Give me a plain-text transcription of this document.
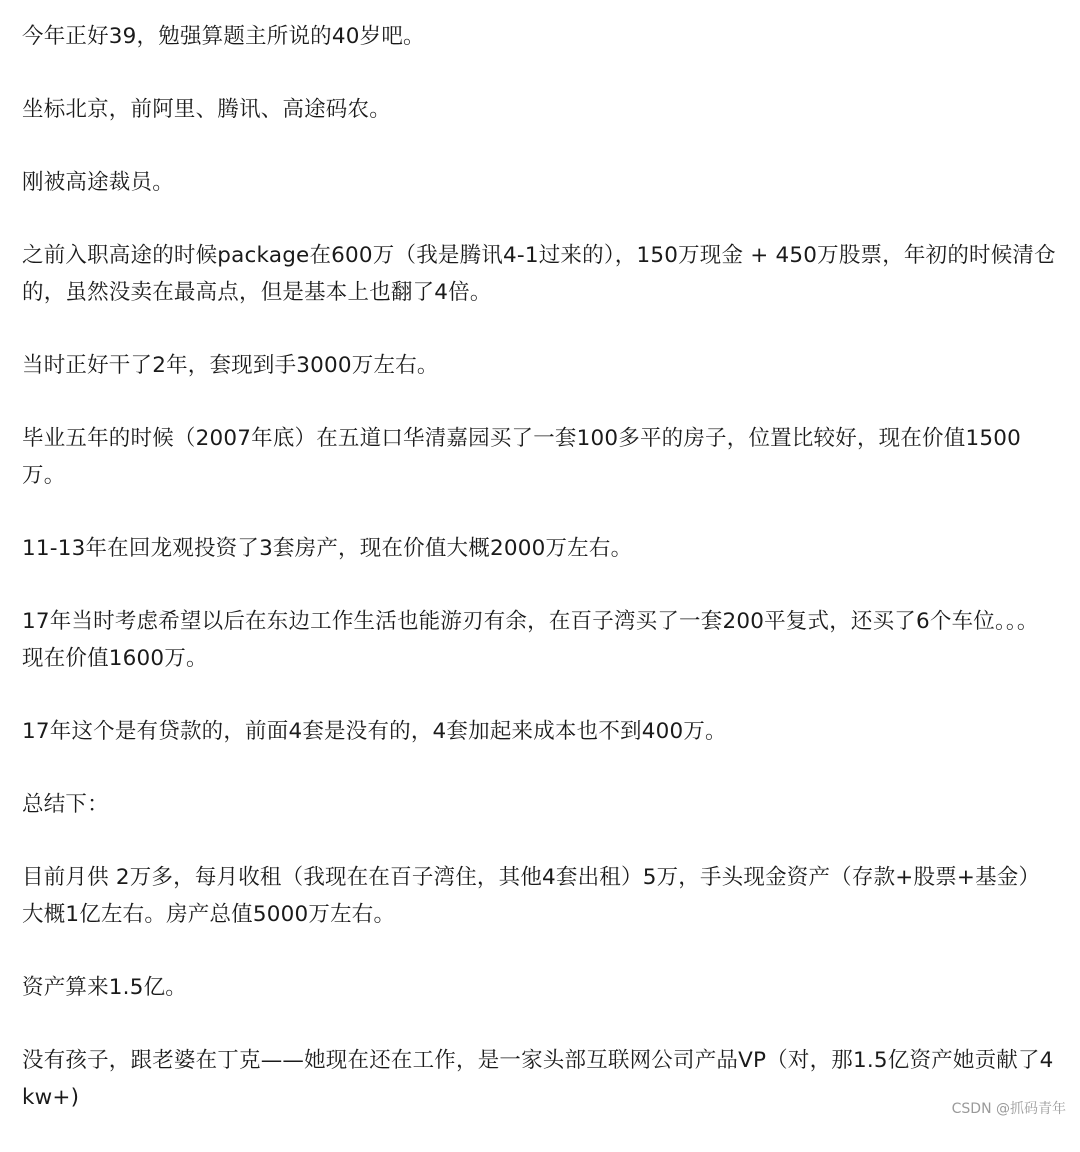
今年正好39，勉强算题主所说的40岁吧。

坐标北京，前阿里、腾讯、高途码农。

刚被高途裁员。

之前入职高途的时候package在600万（我是腾讯4-1过来的），150万现金 + 450万股票，年初的时候清仓的，虽然没卖在最高点，但是基本上也翻了4倍。

当时正好干了2年，套现到手3000万左右。

毕业五年的时候（2007年底）在五道口华清嘉园买了一套100多平的房子，位置比较好，现在价值1500万。

11-13年在回龙观投资了3套房产，现在价值大概2000万左右。

17年当时考虑希望以后在东边工作生活也能游刃有余，在百子湾买了一套200平复式，还买了6个车位。。。现在价值1600万。

17年这个是有贷款的，前面4套是没有的，4套加起来成本也不到400万。

总结下：

目前月供 2万多，每月收租（我现在在百子湾住，其他4套出租）5万，手头现金资产（存款+股票+基金）大概1亿左右。房产总值5000万左右。

资产算来1.5亿。

没有孩子，跟老婆在丁克——她现在还在工作，是一家头部互联网公司产品VP（对，那1.5亿资产她贡献了4kw+)	CSDN @抓码青年
